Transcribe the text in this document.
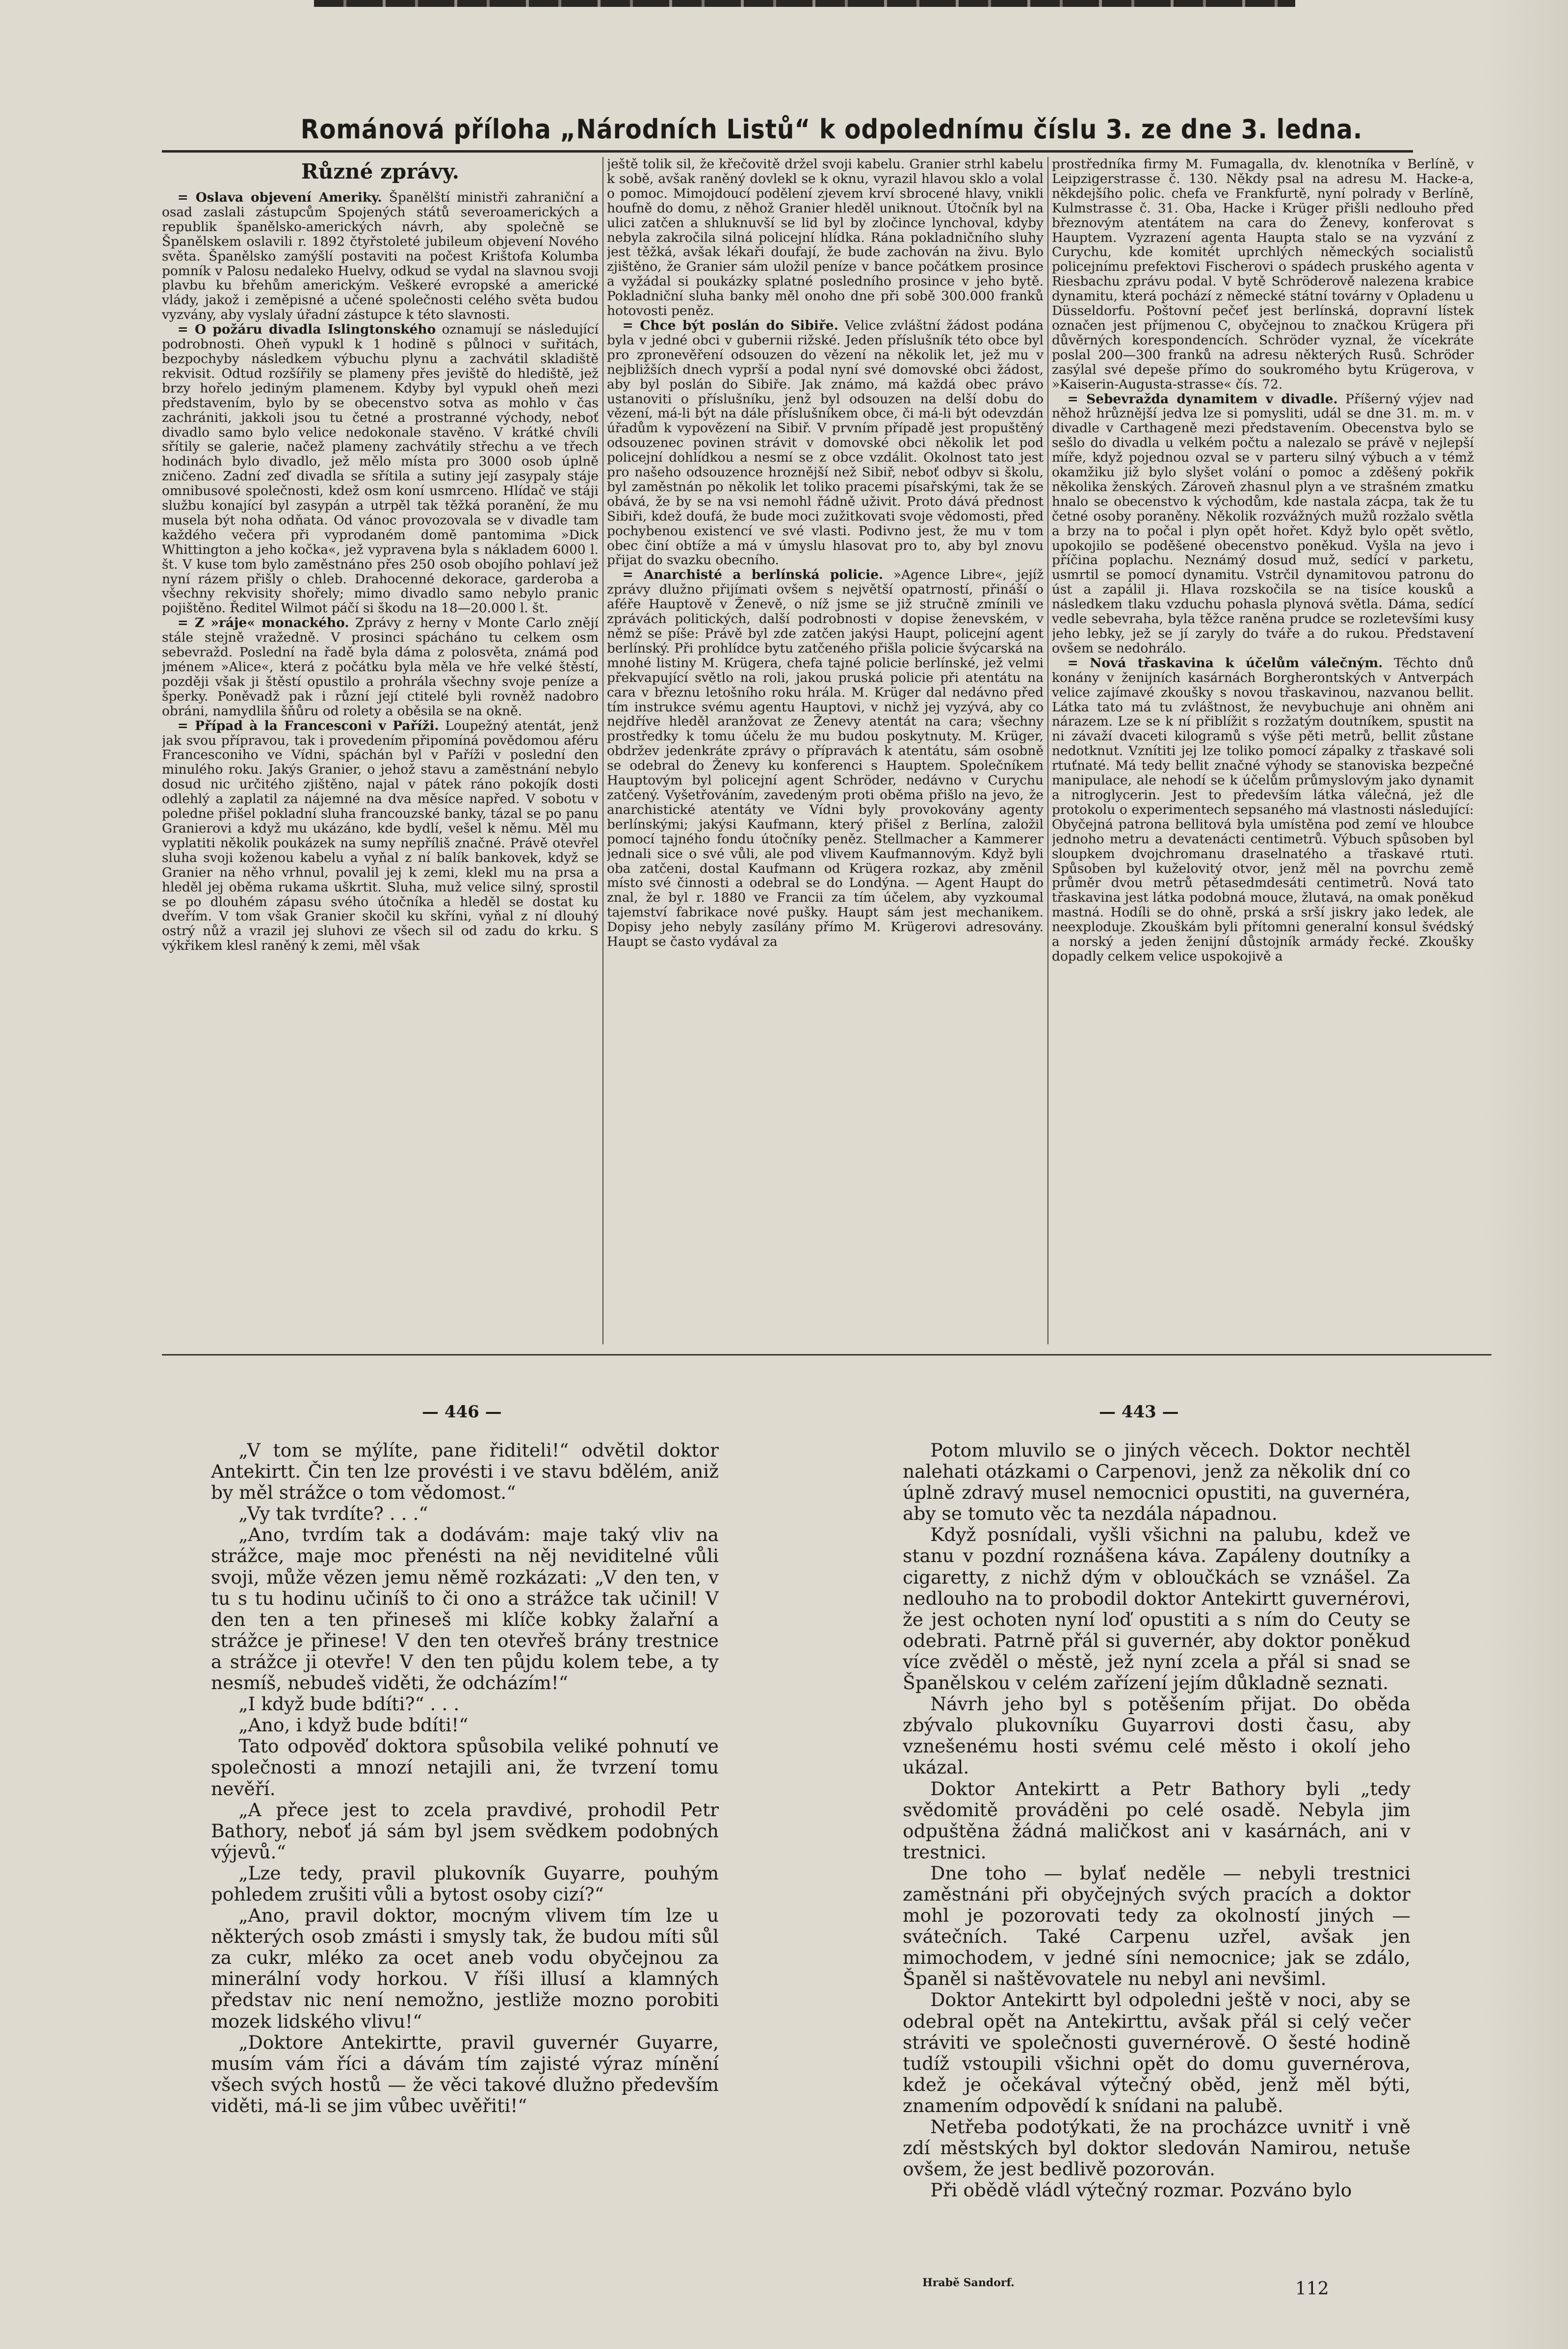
Románová příloha „Národních Listů“ k odpolednímu číslu 3. ze dne 3. ledna.
Různé zprávy.

= Oslava objevení Ameriky. Španělští ministři zahraniční a osad zaslali zástupcům Spojených států severoamerických a republik španělsko-amerických návrh, aby společně se Španělskem oslavili r. 1892 čtyřstoleté jubileum objevení Nového světa. Španělsko zamýšlí postaviti na počest Krištofa Kolumba pomník v Palosu nedaleko Huelvy, odkud se vydal na slavnou svoji plavbu ku břehům americkým. Veškeré evropské a americké vlády, jakož i zeměpisné a učené společnosti celého světa budou vyzvány, aby vyslaly úřadní zástupce k této slavnosti.

= O požáru divadla Islingtonského oznamují se následující podrobnosti. Oheň vypukl k 1 hodině s půlnoci v suřitách, bezpochyby následkem výbuchu plynu a zachvátil skladiště rekvisit. Odtud rozšířily se plameny přes jeviště do hlediště, jež brzy hořelo jediným plamenem. Kdyby byl vypukl oheň mezi představením, bylo by se obecenstvo sotva as mohlo v čas zachrániti, jakkoli jsou tu četné a prostranné východy, neboť divadlo samo bylo velice nedokonale stavěno. V krátké chvíli sřítily se galerie, načež plameny zachvátily střechu a ve třech hodinách bylo divadlo, jež mělo místa pro 3000 osob úplně zničeno. Zadní zeď divadla se sřítila a sutiny její zasypaly stáje omnibusové společnosti, kdež osm koní usmrceno. Hlídač ve stáji službu konající byl zasypán a utrpěl tak těžká poranění, že mu musela být noha odňata. Od vánoc provozovala se v divadle tam každého večera při vyprodaném domě pantomima »Dick Whittington a jeho kočka«, jež vypravena byla s nákladem 6000 l. št. V kuse tom bylo zaměstnáno přes 250 osob obojího pohlaví jež nyní rázem přišly o chleb. Drahocenné dekorace, garderoba a všechny rekvisity shořely; mimo divadlo samo nebylo pranic pojištěno. Ředitel Wilmot páčí si škodu na 18—20.000 l. št.

= Z »ráje« monackého. Zprávy z herny v Monte Carlo znějí stále stejně vražedně. V prosinci spácháno tu celkem osm sebevražd. Poslední na řadě byla dáma z polosvěta, známá pod jménem »Alice«, která z počátku byla měla ve hře velké štěstí, později však ji štěstí opustilo a prohrála všechny svoje peníze a šperky. Poněvadž pak i různí její ctitelé byli rovněž nadobro obráni, namydlila šňůru od rolety a oběsila se na okně.

= Případ à la Francesconi v Paříži. Loupežný atentát, jenž jak svou přípravou, tak i provedením připomíná povědomou aféru Francesconiho ve Vídni, spáchán byl v Paříži v poslední den minulého roku. Jakýs Granier, o jehož stavu a zaměstnání nebylo dosud nic určitého zjištěno, najal v pátek ráno pokojík dosti odlehlý a zaplatil za nájemné na dva měsíce napřed. V sobotu v poledne přišel pokladní sluha francouzské banky, tázal se po panu Granierovi a když mu ukázáno, kde bydlí, vešel k němu. Měl mu vyplatiti několik poukázek na sumy nepříliš značné. Právě otevřel sluha svoji koženou kabelu a vyňal z ní balík bankovek, když se Granier na něho vrhnul, povalil jej k zemi, klekl mu na prsa a hleděl jej oběma rukama uškrtit. Sluha, muž velice silný, sprostil se po dlouhém zápasu svého útočníka a hleděl se dostat ku dveřím. V tom však Granier skočil ku skříni, vyňal z ní dlouhý ostrý nůž a vrazil jej sluhovi ze všech sil od zadu do krku. S výkřikem klesl raněný k zemi, měl však

ještě tolik sil, že křečovitě držel svoji kabelu. Granier strhl kabelu k sobě, avšak raněný dovlekl se k oknu, vyrazil hlavou sklo a volal o pomoc. Mimojdoucí podělení zjevem krví sbrocené hlavy, vnikli houfně do domu, z něhož Granier hleděl uniknout. Útočník byl na ulici zatčen a shluknuvší se lid byl by zločince lynchoval, kdyby nebyla zakročila silná policejní hlídka. Rána pokladničního sluhy jest těžká, avšak lékaři doufají, že bude zachován na živu. Bylo zjištěno, že Granier sám uložil peníze v bance počátkem prosince a vyžádal si poukázky splatné posledního prosince v jeho bytě. Pokladniční sluha banky měl onoho dne při sobě 300.000 franků hotovosti peněz.

= Chce být poslán do Sibiře. Velice zvláštní žádost podána byla v jedné obci v gubernii rižské. Jeden příslušník této obce byl pro zpronevěření odsouzen do vězení na několik let, jež mu v nejbližších dnech vyprší a podal nyní své domovské obci žádost, aby byl poslán do Sibiře. Jak známo, má každá obec právo ustanoviti o příslušníku, jenž byl odsouzen na delší dobu do vězení, má-li být na dále příslušníkem obce, či má-li být odevzdán úřadům k vypovězení na Sibiř. V prvním případě jest propuštěný odsouzenec povinen strávit v domovské obci několik let pod policejní dohlídkou a nesmí se z obce vzdálit. Okolnost tato jest pro našeho odsouzence hroznější než Sibiř, neboť odbyv si školu, byl zaměstnán po několik let toliko pracemi písařskými, tak že se obává, že by se na vsi nemohl řádně uživit. Proto dává přednost Sibiři, kdež doufá, že bude moci zužitkovati svoje vědomosti, před pochybenou existencí ve své vlasti. Podivno jest, že mu v tom obec činí obtíže a má v úmyslu hlasovat pro to, aby byl znovu přijat do svazku obecního.

= Anarchisté a berlínská policie. »Agence Libre«, jejíž zprávy dlužno přijímati ovšem s největší opatrností, přináší o aféře Hauptově v Ženevě, o níž jsme se již stručně zmínili ve zprávách politických, další podrobnosti v dopise ženevském, v němž se píše: Právě byl zde zatčen jakýsi Haupt, policejní agent berlínský. Při prohlídce bytu zatčeného přišla policie švýcarská na mnohé listiny M. Krügera, chefa tajné policie berlínské, jež velmi překvapující světlo na roli, jakou pruská policie při atentátu na cara v březnu letošního roku hrála. M. Krüger dal nedávno před tím instrukce svému agentu Hauptovi, v nichž jej vyzývá, aby co nejdříve hleděl aranžovat ze Ženevy atentát na cara; všechny prostředky k tomu účelu že mu budou poskytnuty. M. Krüger, obdržev jedenkráte zprávy o přípravách k atentátu, sám osobně se odebral do Ženevy ku konferenci s Hauptem. Společníkem Hauptovým byl policejní agent Schröder, nedávno v Curychu zatčený. Vyšetřováním, zavedeným proti oběma přišlo na jevo, že anarchistické atentáty ve Vídni byly provokovány agenty berlínskými; jakýsi Kaufmann, který přišel z Berlína, založil pomocí tajného fondu útočníky peněz. Stellmacher a Kammerer jednali sice o své vůli, ale pod vlivem Kaufmannovým. Když byli oba zatčeni, dostal Kaufmann od Krügera rozkaz, aby změnil místo své činnosti a odebral se do Londýna. — Agent Haupt do znal, že byl r. 1880 ve Francii za tím účelem, aby vyzkoumal tajemství fabrikace nové pušky. Haupt sám jest mechanikem. Dopisy jeho nebyly zasílány přímo M. Krügerovi adresovány. Haupt se často vydával za

prostředníka firmy M. Fumagalla, dv. klenotníka v Berlíně, v Leipzigerstrasse č. 130. Někdy psal na adresu M. Hacke-a, někdejšího polic. chefa ve Frankfurtě, nyní polrady v Berlíně, Kulmstrasse č. 31. Oba, Hacke i Krüger přišli nedlouho před březnovým atentátem na cara do Ženevy, konferovat s Hauptem. Vyzrazení agenta Haupta stalo se na vyzvání z Curychu, kde komitét uprchlých německých socialistů policejnímu prefektovi Fischerovi o spádech pruského agenta v Riesbachu zprávu podal. V bytě Schröderově nalezena krabice dynamitu, která pochází z německé státní továrny v Opladenu u Düsseldorfu. Poštovní pečeť jest berlínská, dopravní lístek označen jest příjmenou C, obyčejnou to značkou Krügera při důvěrných korespondencích. Schröder vyznal, že vícekráte poslal 200—300 franků na adresu některých Rusů. Schröder zasýlal své depeše přímo do soukromého bytu Krügerova, v »Kaiserin-Augusta-strasse« čís. 72.

= Sebevražda dynamitem v divadle. Příšerný výjev nad něhož hrůznější jedva lze si pomysliti, udál se dne 31. m. m. v divadle v Carthageně mezi představením. Obecenstva bylo se sešlo do divadla u velkém počtu a nalezalo se právě v nejlepší míře, když pojednou ozval se v parteru silný výbuch a v témž okamžiku již bylo slyšet volání o pomoc a zděšený pokřik několika ženských. Zároveň zhasnul plyn a ve strašném zmatku hnalo se obecenstvo k východům, kde nastala zácpa, tak že tu četné osoby poraněny. Několik rozvážných mužů rozžalo světla a brzy na to počal i plyn opět hořet. Když bylo opět světlo, upokojilo se poděšené obecenstvo poněkud. Vyšla na jevo i příčina poplachu. Neznámý dosud muž, sedící v parketu, usmrtil se pomocí dynamitu. Vstrčil dynamitovou patronu do úst a zapálil ji. Hlava rozskočila se na tisíce kousků a následkem tlaku vzduchu pohasla plynová světla. Dáma, sedící vedle sebevraha, byla těžce raněna prudce se rozletevšími kusy jeho lebky, jež se jí zaryly do tváře a do rukou. Představení ovšem se nedohrálo.

= Nová třaskavina k účelům válečným. Těchto dnů konány v ženijních kasárnách Borgherontských v Antverpách velice zajímavé zkoušky s novou třaskavinou, nazvanou bellit. Látka tato má tu zvláštnost, že nevybuchuje ani ohněm ani nárazem. Lze se k ní přiblížit s rozžatým doutníkem, spustit na ni závaží dvaceti kilogramů s výše pěti metrů, bellit zůstane nedotknut. Vznítiti jej lze toliko pomocí zápalky z třaskavé soli rtuťnaté. Má tedy bellit značné výhody se stanoviska bezpečné manipulace, ale nehodí se k účelům průmyslovým jako dynamit a nitroglycerin. Jest to především látka válečná, jež dle protokolu o experimentech sepsaného má vlastnosti následující: Obyčejná patrona bellitová byla umístěna pod zemí ve hloubce jednoho metru a devatenácti centimetrů. Výbuch spůsoben byl sloupkem dvojchromanu draselnatého a třaskavé rtuti. Spůsoben byl kuželovitý otvor, jenž měl na povrchu země průměr dvou metrů pětasedmdesáti centimetrů. Nová tato třaskavina jest látka podobná mouce, žlutavá, na omak poněkud mastná. Hodíli se do ohně, prská a srší jiskry jako ledek, ale neexploduje. Zkouškám byli přítomni generalní konsul švédský a norský a jeden ženijní důstojník armády řecké. Zkoušky dopadly celkem velice uspokojivě a

— 446 —	— 443 —

„V tom se mýlíte, pane řiditeli!“ odvětil doktor Antekirtt. Čin ten lze provésti i ve stavu bdělém, aniž by měl strážce o tom vědomost.“

„Vy tak tvrdíte? . . .“

„Ano, tvrdím tak a dodávám: maje taký vliv na strážce, maje moc přenésti na něj neviditelné vůli svoji, může vězen jemu němě rozkázati: „V den ten, v tu s tu hodinu učiníš to či ono a strážce tak učinil! V den ten a ten přineseš mi klíče kobky žalařní a strážce je přinese! V den ten otevřeš brány trestnice a strážce ji otevře! V den ten půjdu kolem tebe, a ty nesmíš, nebudeš viděti, že odcházím!“

„I když bude bdíti?“ . . .

„Ano, i když bude bdíti!“

Tato odpověď doktora spůsobila veliké pohnutí ve společnosti a mnozí netajili ani, že tvrzení tomu nevěří.

„A přece jest to zcela pravdivé, prohodil Petr Bathory, neboť já sám byl jsem svědkem podobných výjevů.“

„Lze tedy, pravil plukovník Guyarre, pouhým pohledem zrušiti vůli a bytost osoby cizí?“

„Ano, pravil doktor, mocným vlivem tím lze u některých osob zmásti i smysly tak, že budou míti sůl za cukr, mléko za ocet aneb vodu obyčejnou za minerální vody horkou. V říši illusí a klamných představ nic není nemožno, jestliže mozno porobiti mozek lidského vlivu!“

„Doktore Antekirtte, pravil guvernér Guyarre, musím vám říci a dávám tím zajisté výraz mínění všech svých hostů — že věci takové dlužno především viděti, má-li se jim vůbec uvěřiti!“

Potom mluvilo se o jiných věcech. Doktor nechtěl nalehati otázkami o Carpenovi, jenž za několik dní co úplně zdravý musel nemocnici opustiti, na guvernéra, aby se tomuto věc ta nezdála nápadnou.

Když posnídali, vyšli všichni na palubu, kdež ve stanu v pozdní roznášena káva. Zapáleny doutníky a cigaretty, z nichž dým v obloučkách se vznášel. Za nedlouho na to probodil doktor Antekirtt guvernérovi, že jest ochoten nyní loď opustiti a s ním do Ceuty se odebrati. Patrně přál si guvernér, aby doktor poněkud více zvěděl o městě, jež nyní zcela a přál si snad se Španělskou v celém zařízení jejím důkladně seznati.

Návrh jeho byl s potěšením přijat. Do oběda zbývalo plukovníku Guyarrovi dosti času, aby vznešenému hosti svému celé město i okolí jeho ukázal.

Doktor Antekirtt a Petr Bathory byli „tedy svědomitě prováděni po celé osadě. Nebyla jim odpuštěna žádná maličkost ani v kasárnách, ani v trestnici.

Dne toho — bylať neděle — nebyli trestnici zaměstnáni při obyčejných svých pracích a doktor mohl je pozorovati tedy za okolností jiných — svátečních. Také Carpenu uzřel, avšak jen mimochodem, v jedné síni nemocnice; jak se zdálo, Španěl si naštěvovatele nu nebyl ani nevšiml.

Doktor Antekirtt byl odpoledni ještě v noci, aby se odebral opět na Antekirttu, avšak přál si celý večer stráviti ve společnosti guvernérově. O šesté hodině tudíž vstoupili všichni opět do domu guvernérova, kdež je očekával výtečný oběd, jenž měl býti, znamením odpovědí k snídani na palubě.

Netřeba podotýkati, že na procházce uvnitř i vně zdí městských byl doktor sledován Namirou, netuše ovšem, že jest bedlivě pozorován.

Při obědě vládl výtečný rozmar. Pozváno bylo

Hrabě Sandorf.	112
